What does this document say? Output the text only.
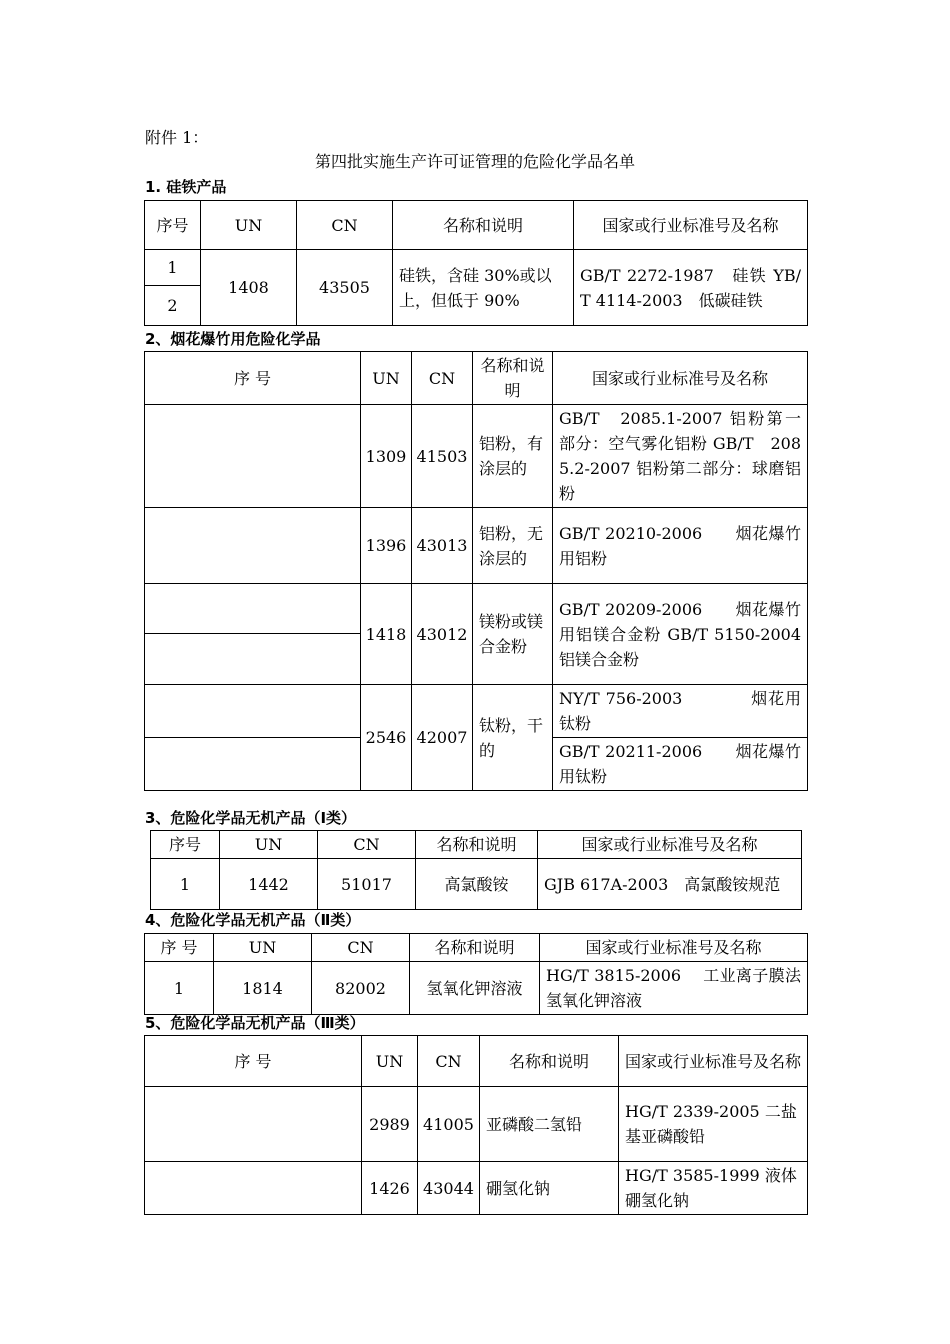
附件 1：
第四批实施生产许可证管理的危险化学品名单
1. 硅铁产品
序号	UN	CN	名称和说明	国家或行业标准号及名称
1	1408	43505	硅铁，含硅 30%或以上，但低于 90%	GB/T 2272-1987　硅铁 YB/T 4114-2003　低碳硅铁
2				
2、烟花爆竹用危险化学品
序 号	UN	CN	名称和说明	国家或行业标准号及名称
	1309	41503	铝粉，有涂层的	GB/T　2085.1-2007 铝粉第一部分：空气雾化铝粉 GB/T　2085.2-2007 铝粉第二部分：球磨铝粉
	1396	43013	铝粉，无涂层的	GB/T 20210-2006　　烟花爆竹用铝粉
	1418	43012	镁粉或镁合金粉	GB/T 20209-2006　　烟花爆竹用铝镁合金粉 GB/T 5150-2004　　　铝镁合金粉

	2546	42007	钛粉，干的	NY/T 756-2003　　　　烟花用钛粉
				GB/T 20211-2006　　烟花爆竹用钛粉
3、危险化学品无机产品（Ⅰ类）
序号	UN	CN	名称和说明	国家或行业标准号及名称
1	1442	51017	高氯酸铵	GJB 617A-2003　高氯酸铵规范
4、危险化学品无机产品（Ⅱ类）
序 号	UN	CN	名称和说明	国家或行业标准号及名称
1	1814	82002	氢氧化钾溶液	HG/T 3815-2006　 工业离子膜法氢氧化钾溶液
5、危险化学品无机产品（Ⅲ类）
序 号	UN	CN	名称和说明	国家或行业标准号及名称
	2989	41005	亚磷酸二氢铅	HG/T 2339-2005 二盐基亚磷酸铅
	1426	43044	硼氢化钠	HG/T 3585-1999 液体硼氢化钠
